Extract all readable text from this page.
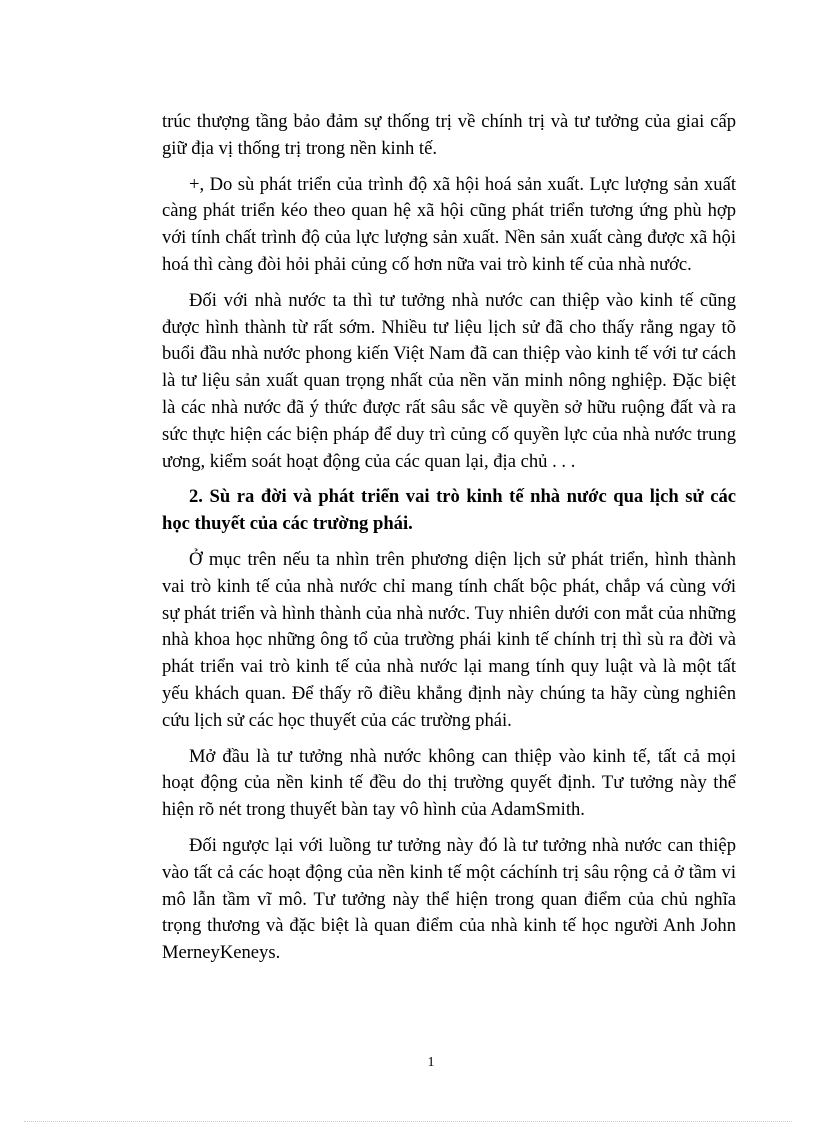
trúc thượng tầng bảo đảm sự thống trị về chính trị và tư tưởng của giai cấp giữ địa vị thống trị trong nền kinh tế.

+, Do sù phát triển của trình độ xã hội hoá sản xuất. Lực lượng sản xuất càng phát triển kéo theo quan hệ xã hội cũng phát triển tương ứng phù hợp với tính chất trình độ của lực lượng sản xuất. Nền sản xuất càng được xã hội hoá thì càng đòi hỏi phải củng cố hơn nữa vai trò kinh tế của nhà nước.

Đối với nhà nước ta thì tư tưởng nhà nước can thiệp vào kinh tế cũng được hình thành từ rất sớm. Nhiều tư liệu lịch sử đã cho thấy rằng ngay tõ buổi đầu nhà nước phong kiến Việt Nam đã can thiệp vào kinh tế với tư cách là tư liệu sản xuất quan trọng nhất của nền văn minh nông nghiệp. Đặc biệt là các nhà nước đã ý thức được rất sâu sắc về quyền sở hữu ruộng đất và ra sức thực hiện các biện pháp để duy trì củng cố quyền lực của nhà nước trung ương, kiểm soát hoạt động của các quan lại, địa chủ . . .

2. Sù ra đời và phát triển vai trò kinh tế nhà nước qua lịch sử các học thuyết của các trường phái.

Ở mục trên nếu ta nhìn trên phương diện lịch sử phát triển, hình thành vai trò kinh tế của nhà nước chỉ mang tính chất bộc phát, chắp vá cùng với sự phát triển và hình thành của nhà nước. Tuy nhiên dưới con mắt của những nhà khoa học những ông tổ của trường phái kinh tế chính trị thì sù ra đời và phát triển vai trò kinh tế của nhà nước lại mang tính quy luật và là một tất yếu khách quan. Để thấy rõ điều khẳng định này chúng ta hãy cùng nghiên cứu lịch sử các học thuyết của các trường phái.

Mở đầu là tư tưởng nhà nước không can thiệp vào kinh tế, tất cả mọi hoạt động của nền kinh tế đều do thị trường quyết định. Tư tưởng này thể hiện rõ nét trong thuyết bàn tay vô hình của AdamSmith.

Đối ngược lại với luồng tư tưởng này đó là tư tưởng nhà nước can thiệp vào tất cả các hoạt động của nền kinh tế một cáchính trị sâu rộng cả ở tầm vi mô lẫn tầm vĩ mô. Tư tưởng này thể hiện trong quan điểm của chủ nghĩa trọng thương và đặc biệt là quan điểm của nhà kinh tế học người Anh John MerneyKeneys.

1
